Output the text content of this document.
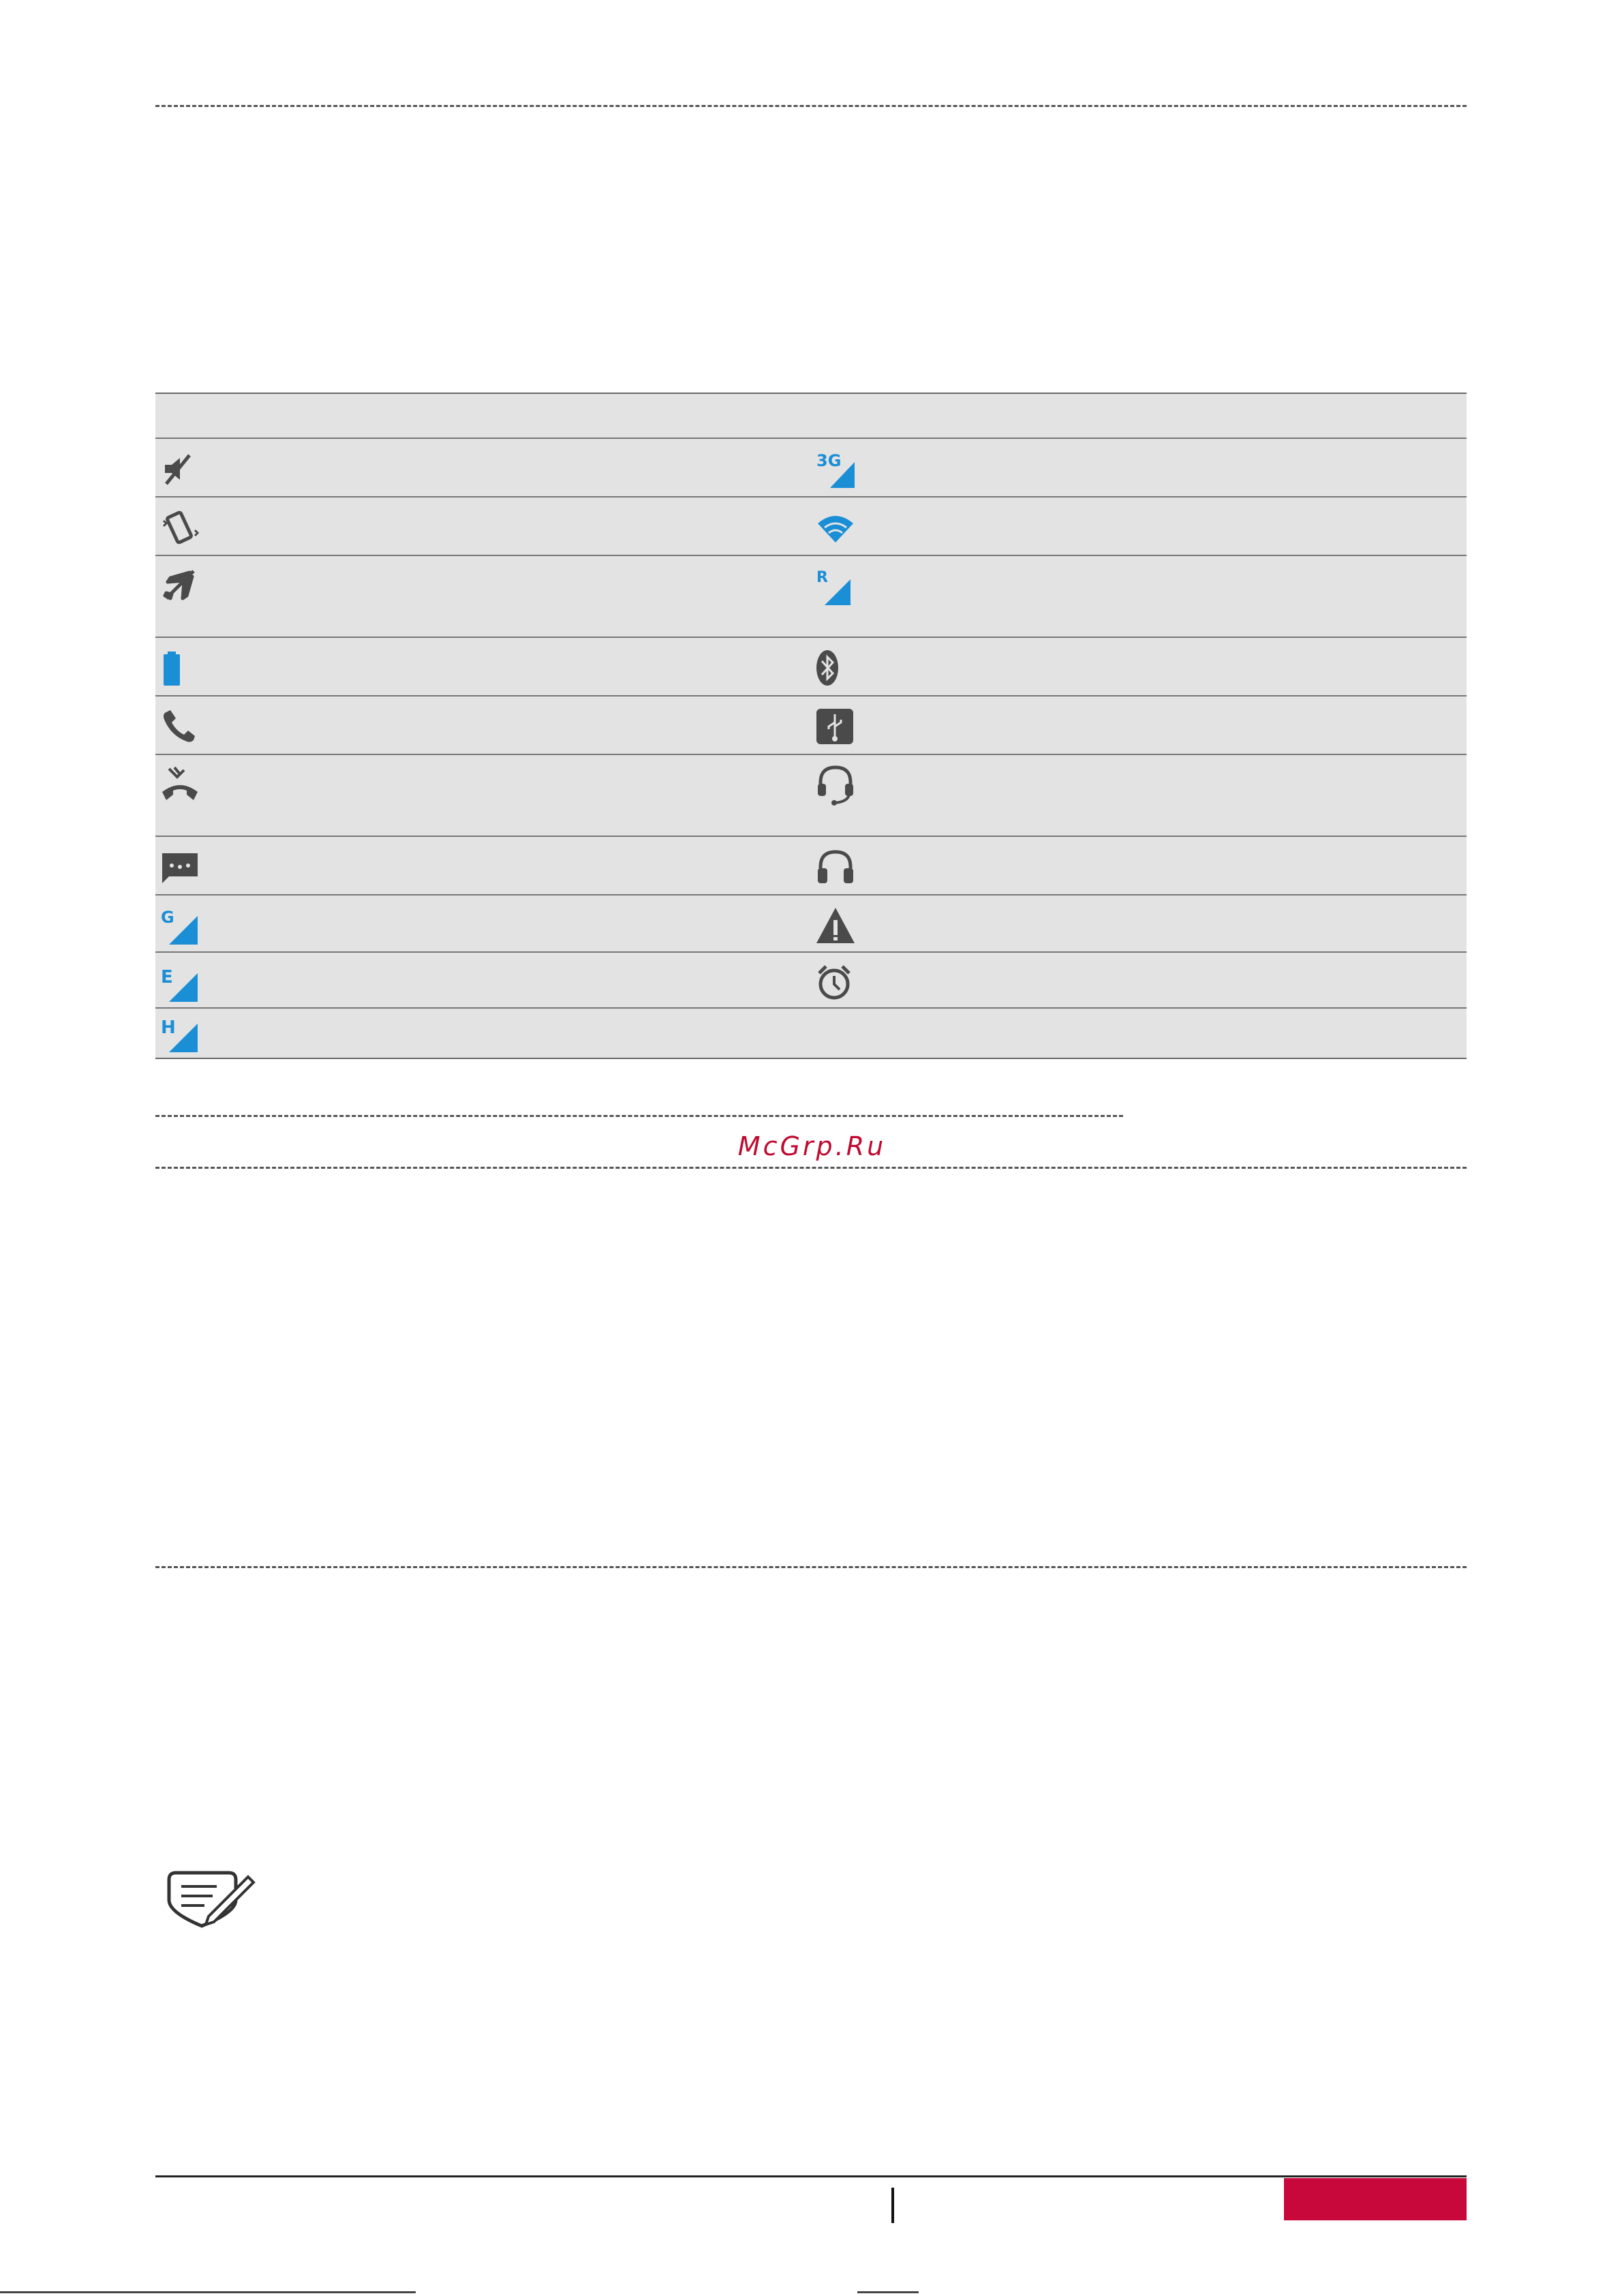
3G
R
G
E
H
McGrp.Ru
